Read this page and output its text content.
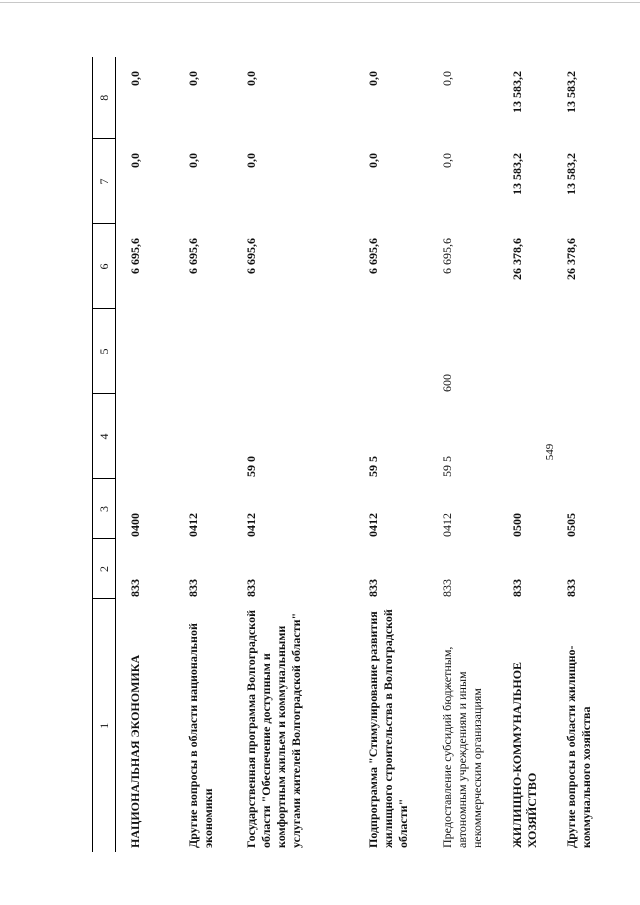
549
1	2	3	4	5	6	7	8
НАЦИОНАЛЬНАЯ ЭКОНОМИКА	833	0400			6 695,6	0,0	0,0
Другие вопросы в области национальной экономики	833	0412			6 695,6	0,0	0,0
Государственная программа Волгоградской области "Обеспечение доступным и комфортным жильем и коммунальными услугами жителей Волгоградской области"	833	0412	59 0		6 695,6	0,0	0,0
Подпрограмма "Стимулирование развития жилищного строительства в Волгоградской области"	833	0412	59 5		6 695,6	0,0	0,0
Предоставление субсидий бюджетным, автономным учреждениям и иным некоммерческим организациям	833	0412	59 5	600	6 695,6	0,0	0,0
ЖИЛИЩНО-КОММУНАЛЬНОЕ ХОЗЯЙСТВО	833	0500			26 378,6	13 583,2	13 583,2
Другие вопросы в области жилищно-коммунального хозяйства	833	0505			26 378,6	13 583,2	13 583,2
